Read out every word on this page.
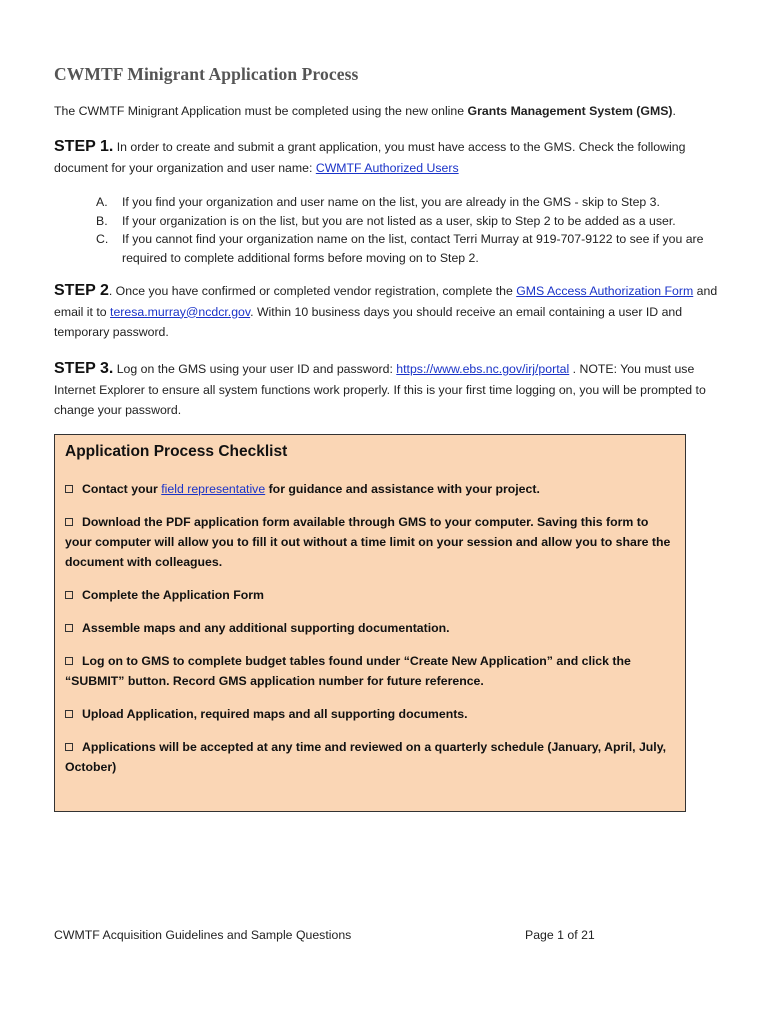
CWMTF Minigrant Application Process
The CWMTF Minigrant Application must be completed using the new online Grants Management System (GMS).
STEP 1. In order to create and submit a grant application, you must have access to the GMS. Check the following document for your organization and user name: CWMTF Authorized Users
A. If you find your organization and user name on the list, you are already in the GMS - skip to Step 3.
B. If your organization is on the list, but you are not listed as a user, skip to Step 2 to be added as a user.
C. If you cannot find your organization name on the list, contact Terri Murray at 919-707-9122 to see if you are required to complete additional forms before moving on to Step 2.
STEP 2. Once you have confirmed or completed vendor registration, complete the GMS Access Authorization Form and email it to teresa.murray@ncdcr.gov. Within 10 business days you should receive an email containing a user ID and temporary password.
STEP 3. Log on the GMS using your user ID and password: https://www.ebs.nc.gov/irj/portal . NOTE: You must use Internet Explorer to ensure all system functions work properly. If this is your first time logging on, you will be prompted to change your password.
Application Process Checklist
Contact your field representative for guidance and assistance with your project.
Download the PDF application form available through GMS to your computer. Saving this form to your computer will allow you to fill it out without a time limit on your session and allow you to share the document with colleagues.
Complete the Application Form
Assemble maps and any additional supporting documentation.
Log on to GMS to complete budget tables found under “Create New Application” and click the “SUBMIT” button. Record GMS application number for future reference.
Upload Application, required maps and all supporting documents.
Applications will be accepted at any time and reviewed on a quarterly schedule (January, April, July, October)
CWMTF Acquisition Guidelines and Sample Questions	Page 1 of 21
